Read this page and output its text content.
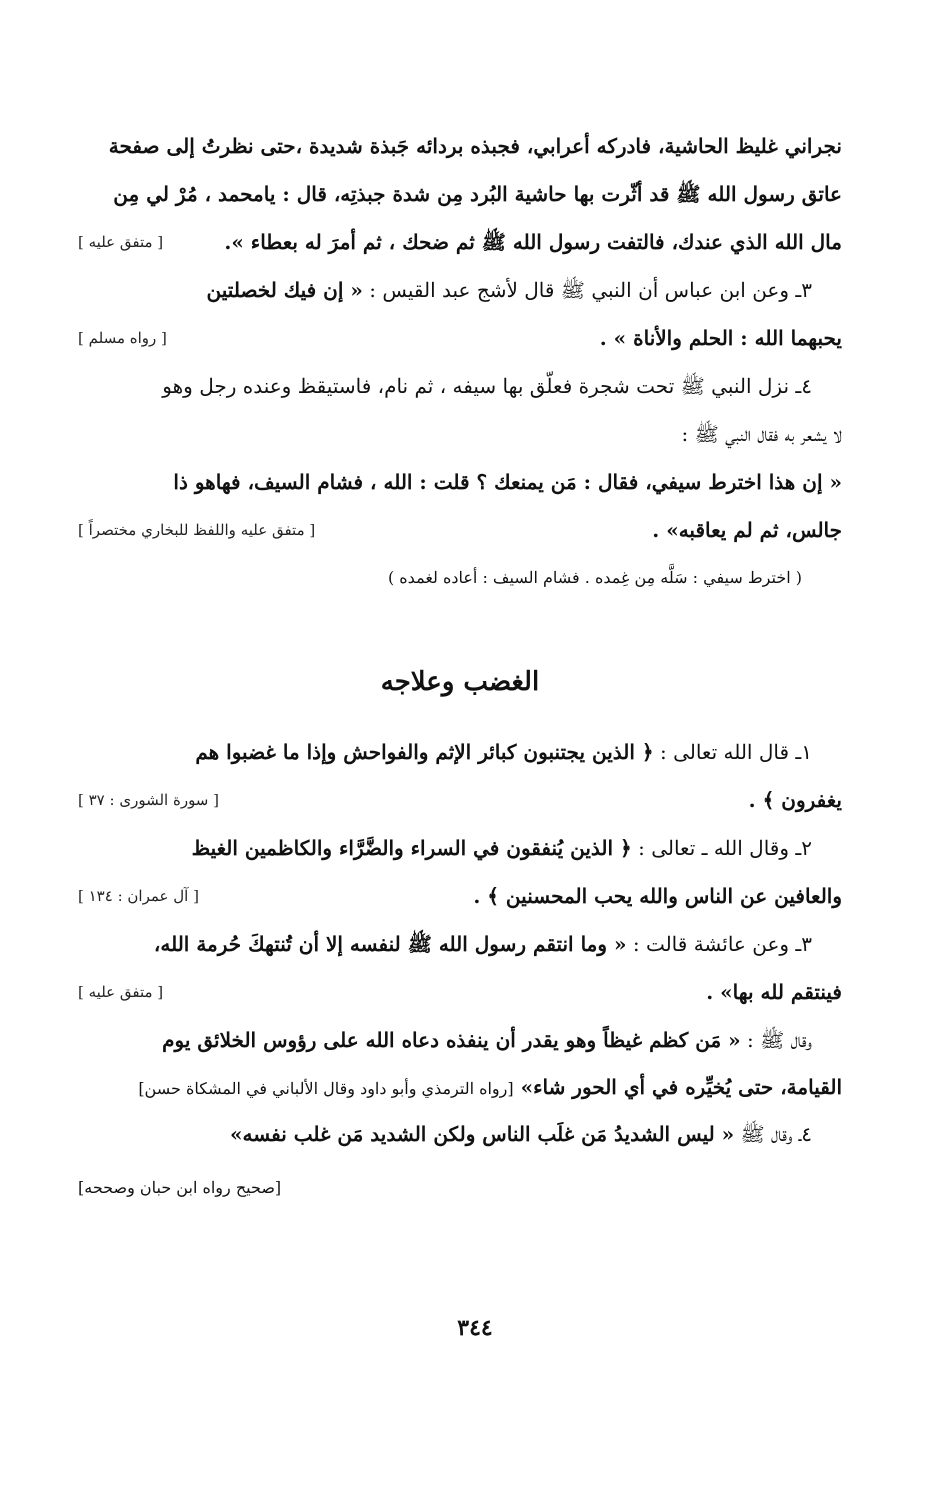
نجراني غليظ الحاشية، فادركه أعرابي، فجبذه بردائه جَبذة شديدة ،حتى نظرتُ إلى صفحة
عاتق رسول الله ﷺ قد أثّرت بها حاشية البُرد مِن شدة جبذتِه، قال : يامحمد ، مُرْ لي مِن
مال الله الذي عندك، فالتفت رسول الله ﷺ ثم ضحك ، ثم أمرَ له بعطاء ».
[ متفق عليه ]
٣ـ وعن ابن عباس أن النبي ﷺ قال لأشج عبد القيس : « إن فيك لخصلتين
يحبهما الله : الحلم والأناة » .
[ رواه مسلم ]
٤ـ نزل النبي ﷺ تحت شجرة فعلّق بها سيفه ، ثم نام، فاستيقظ وعنده رجل وهو
لا يشعر به فقال النبي ﷺ :
« إن هذا اخترط سيفي، فقال : مَن يمنعك ؟ قلت : الله ، فشام السيف، فهاهو ذا
جالس، ثم لم يعاقبه» .
[ متفق عليه واللفظ للبخاري مختصراً ]
( اخترط سيفي : سَلَّه مِن غِمده . فشام السيف : أعاده لغمده )
الغضب وعلاجه
١ـ قال الله تعالى : ﴿ الذين يجتنبون كبائر الإثم والفواحش وإذا ما غضبوا هم
يغفرون ﴾ .
[ سورة الشورى : ٣٧ ]
٢ـ وقال الله ـ تعالى : ﴿ الذين يُنفقون في السراء والضَّرَّاء والكاظمين الغيظ
والعافين عن الناس والله يحب المحسنين ﴾ .
[ آل عمران : ١٣٤ ]
٣ـ وعن عائشة قالت : « وما انتقم رسول الله ﷺ لنفسه إلا أن تُنتهكَ حُرمة الله،
فينتقم لله بها» .
[ متفق عليه ]
وقال ﷺ : « مَن كظم غيظاً وهو يقدر أن ينفذه دعاه الله على رؤوس الخلائق يوم
القيامة، حتى يُخيِّره في أي الحور شاء» [رواه الترمذي وأبو داود وقال الألباني في المشكاة حسن]
٤ـ وقال ﷺ « ليس الشديدُ مَن غلَب الناس ولكن الشديد مَن غلب نفسه»
[صحيح رواه ابن حبان وصححه]
٣٤٤
